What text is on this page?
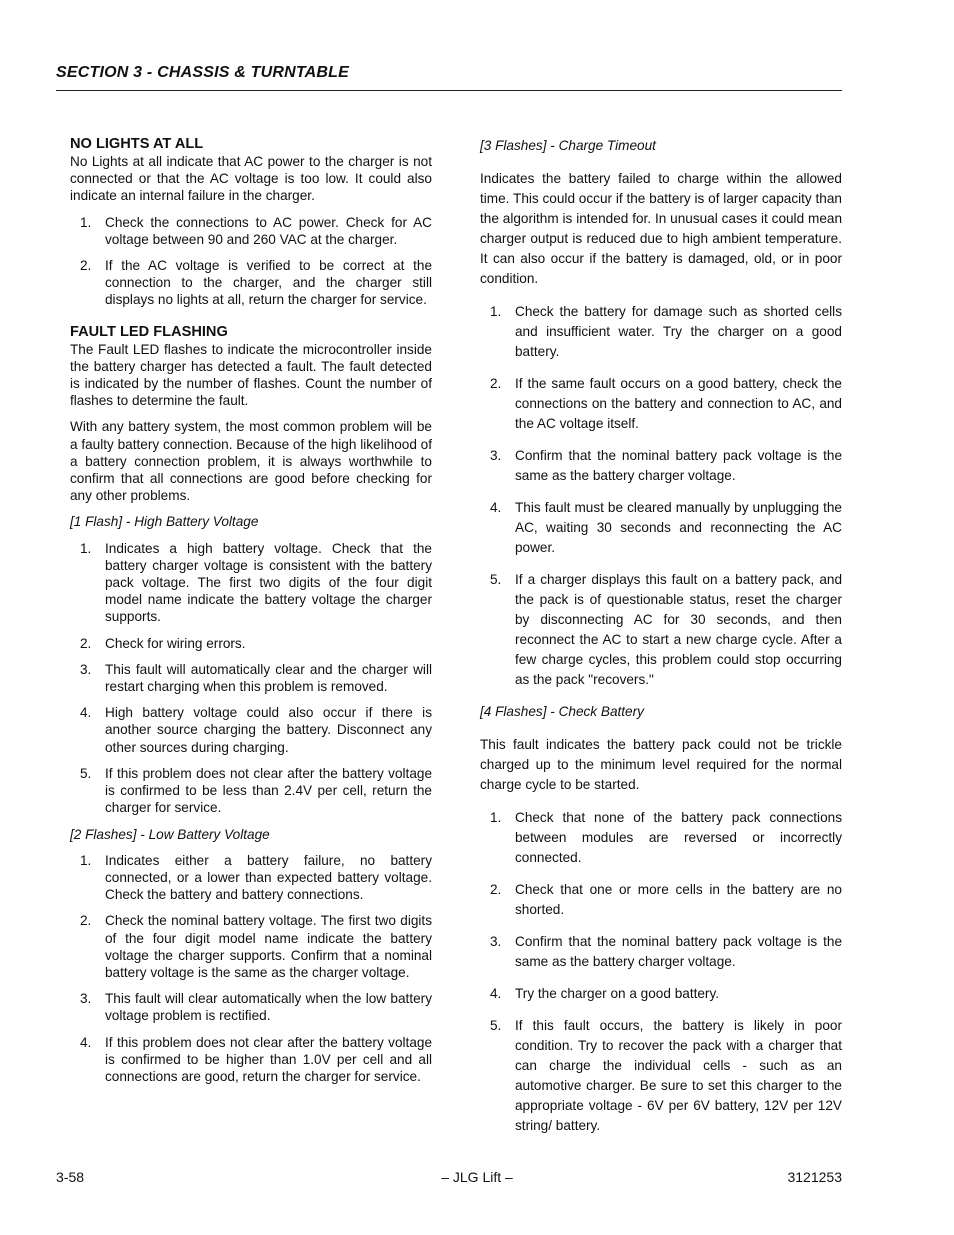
SECTION 3 - CHASSIS & TURNTABLE
NO LIGHTS AT ALL

No Lights at all indicate that AC power to the charger is not connected or that the AC voltage is too low. It could also indicate an internal failure in the charger.

1. Check the connections to AC power. Check for AC voltage between 90 and 260 VAC at the charger.
2. If the AC voltage is verified to be correct at the connection to the charger, and the charger still displays no lights at all, return the charger for service.
FAULT LED FLASHING

The Fault LED flashes to indicate the microcontroller inside the battery charger has detected a fault. The fault detected is indicated by the number of flashes. Count the number of flashes to determine the fault.

With any battery system, the most common problem will be a faulty battery connection. Because of the high likelihood of a battery connection problem, it is always worthwhile to confirm that all connections are good before checking for any other problems.

[1 Flash] - High Battery Voltage

1. Indicates a high battery voltage. Check that the battery charger voltage is consistent with the battery pack voltage. The first two digits of the four digit model name indicate the battery voltage the charger supports.
2. Check for wiring errors.
3. This fault will automatically clear and the charger will restart charging when this problem is removed.
4. High battery voltage could also occur if there is another source charging the battery. Disconnect any other sources during charging.
5. If this problem does not clear after the battery voltage is confirmed to be less than 2.4V per cell, return the charger for service.

[2 Flashes] - Low Battery Voltage

1. Indicates either a battery failure, no battery connected, or a lower than expected battery voltage. Check the battery and battery connections.
2. Check the nominal battery voltage. The first two digits of the four digit model name indicate the battery voltage the charger supports. Confirm that a nominal battery voltage is the same as the charger voltage.
3. This fault will clear automatically when the low battery voltage problem is rectified.
4. If this problem does not clear after the battery voltage is confirmed to be higher than 1.0V per cell and all connections are good, return the charger for service.

[3 Flashes] - Charge Timeout

Indicates the battery failed to charge within the allowed time. This could occur if the battery is of larger capacity than the algorithm is intended for. In unusual cases it could mean charger output is reduced due to high ambient temperature. It can also occur if the battery is damaged, old, or in poor condition.

1. Check the battery for damage such as shorted cells and insufficient water. Try the charger on a good battery.
2. If the same fault occurs on a good battery, check the connections on the battery and connection to AC, and the AC voltage itself.
3. Confirm that the nominal battery pack voltage is the same as the battery charger voltage.
4. This fault must be cleared manually by unplugging the AC, waiting 30 seconds and reconnecting the AC power.
5. If a charger displays this fault on a battery pack, and the pack is of questionable status, reset the charger by disconnecting AC for 30 seconds, and then reconnect the AC to start a new charge cycle. After a few charge cycles, this problem could stop occurring as the pack "recovers."

[4 Flashes] - Check Battery

This fault indicates the battery pack could not be trickle charged up to the minimum level required for the normal charge cycle to be started.

1. Check that none of the battery pack connections between modules are reversed or incorrectly connected.
2. Check that one or more cells in the battery are no shorted.
3. Confirm that the nominal battery pack voltage is the same as the battery charger voltage.
4. Try the charger on a good battery.
5. If this fault occurs, the battery is likely in poor condition. Try to recover the pack with a charger that can charge the individual cells - such as an automotive charger. Be sure to set this charger to the appropriate voltage - 6V per 6V battery, 12V per 12V string/ battery.
3-58	– JLG Lift –	3121253
